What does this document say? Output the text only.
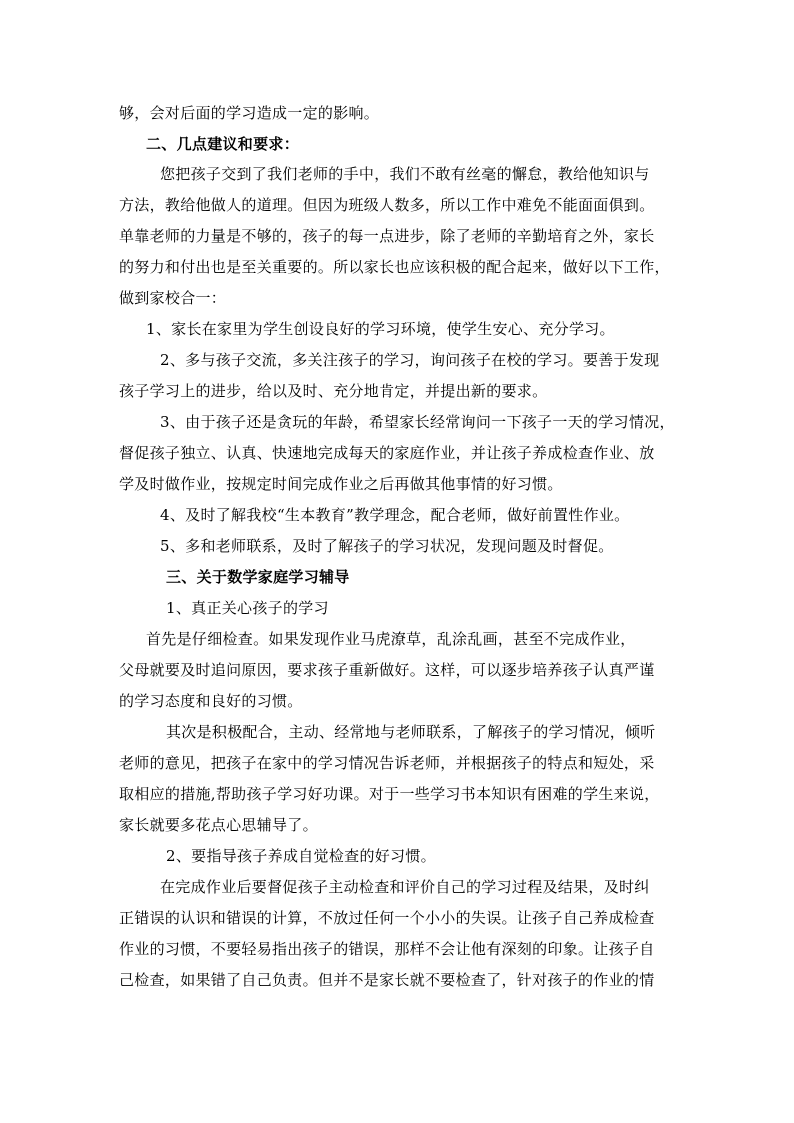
够，会对后面的学习造成一定的影响。
二、几点建议和要求：
您把孩子交到了我们老师的手中，我们不敢有丝毫的懈怠，教给他知识与
方法，教给他做人的道理。但因为班级人数多，所以工作中难免不能面面俱到。
单靠老师的力量是不够的，孩子的每一点进步，除了老师的辛勤培育之外，家长
的努力和付出也是至关重要的。所以家长也应该积极的配合起来，做好以下工作，
做到家校合一：
1、家长在家里为学生创设良好的学习环境，使学生安心、充分学习。
2、多与孩子交流，多关注孩子的学习，询问孩子在校的学习。要善于发现
孩子学习上的进步，给以及时、充分地肯定，并提出新的要求。
3、由于孩子还是贪玩的年龄，希望家长经常询问一下孩子一天的学习情况，
督促孩子独立、认真、快速地完成每天的家庭作业，并让孩子养成检查作业、放
学及时做作业，按规定时间完成作业之后再做其他事情的好习惯。
4、及时了解我校“生本教育”教学理念，配合老师，做好前置性作业。
5、多和老师联系，及时了解孩子的学习状况，发现问题及时督促。
三、关于数学家庭学习辅导
1、真正关心孩子的学习
首先是仔细检查。如果发现作业马虎潦草，乱涂乱画，甚至不完成作业，
父母就要及时追问原因，要求孩子重新做好。这样，可以逐步培养孩子认真严谨
的学习态度和良好的习惯。
其次是积极配合，主动、经常地与老师联系，了解孩子的学习情况，倾听
老师的意见，把孩子在家中的学习情况告诉老师，并根据孩子的特点和短处，采
取相应的措施,帮助孩子学习好功课。对于一些学习书本知识有困难的学生来说，
家长就要多花点心思辅导了。
2、要指导孩子养成自觉检查的好习惯。
在完成作业后要督促孩子主动检查和评价自己的学习过程及结果，及时纠
正错误的认识和错误的计算，不放过任何一个小小的失误。让孩子自己养成检查
作业的习惯，不要轻易指出孩子的错误，那样不会让他有深刻的印象。让孩子自
己检查，如果错了自己负责。但并不是家长就不要检查了，针对孩子的作业的情
